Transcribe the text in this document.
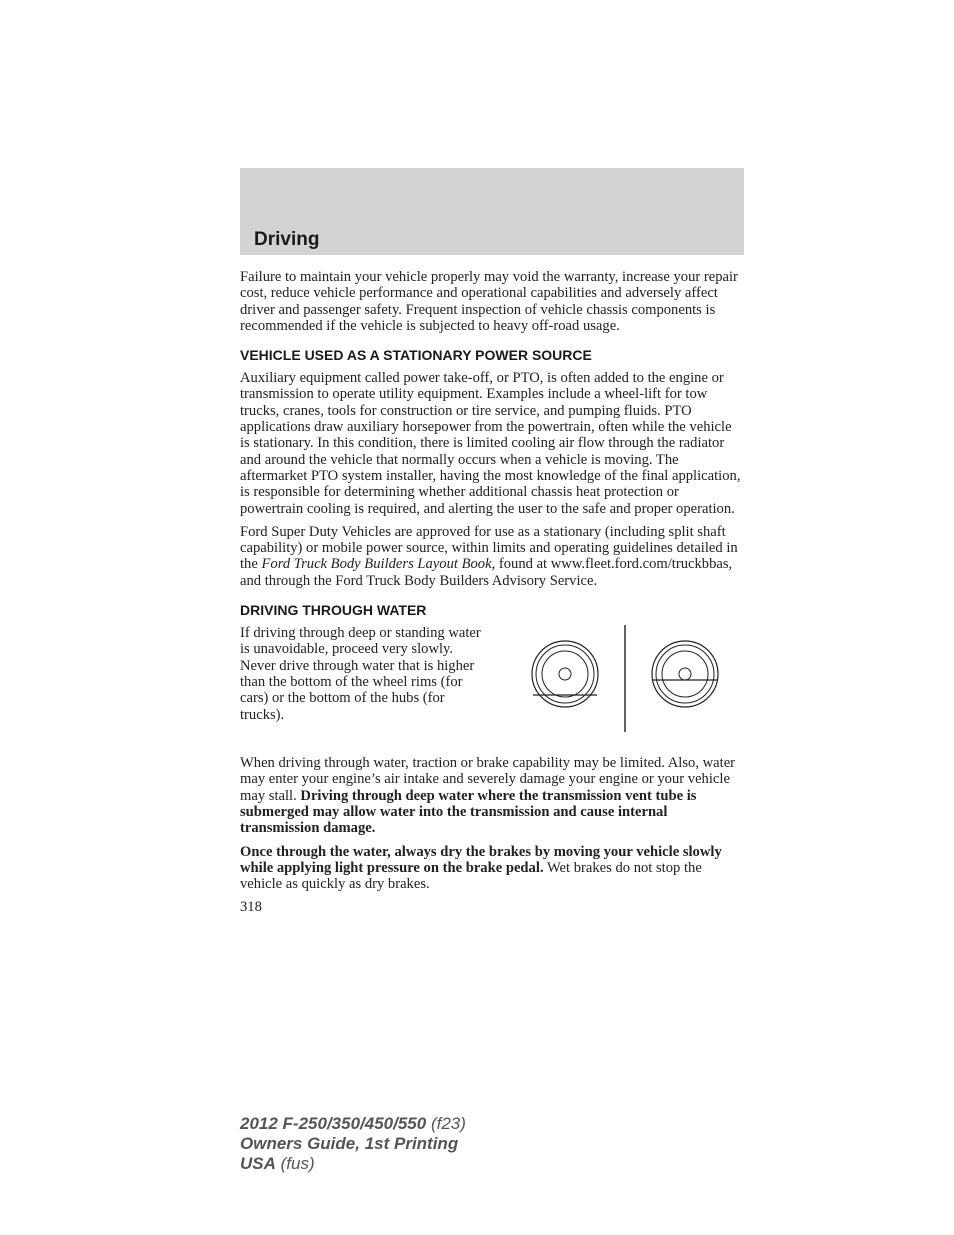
Driving

Failure to maintain your vehicle properly may void the warranty, increase your repair cost, reduce vehicle performance and operational capabilities and adversely affect driver and passenger safety. Frequent inspection of vehicle chassis components is recommended if the vehicle is subjected to heavy off-road usage.

VEHICLE USED AS A STATIONARY POWER SOURCE

Auxiliary equipment called power take-off, or PTO, is often added to the engine or transmission to operate utility equipment. Examples include a wheel-lift for tow trucks, cranes, tools for construction or tire service, and pumping fluids. PTO applications draw auxiliary horsepower from the powertrain, often while the vehicle is stationary. In this condition, there is limited cooling air flow through the radiator and around the vehicle that normally occurs when a vehicle is moving. The aftermarket PTO system installer, having the most knowledge of the final application, is responsible for determining whether additional chassis heat protection or powertrain cooling is required, and alerting the user to the safe and proper operation.

Ford Super Duty Vehicles are approved for use as a stationary (including split shaft capability) or mobile power source, within limits and operating guidelines detailed in the Ford Truck Body Builders Layout Book, found at www.fleet.ford.com/truckbbas, and through the Ford Truck Body Builders Advisory Service.

DRIVING THROUGH WATER
If driving through deep or standing water is unavoidable, proceed very slowly. Never drive through water that is higher than the bottom of the wheel rims (for cars) or the bottom of the hubs (for trucks).

When driving through water, traction or brake capability may be limited. Also, water may enter your engine’s air intake and severely damage your engine or your vehicle may stall. Driving through deep water where the transmission vent tube is submerged may allow water into the transmission and cause internal transmission damage.

Once through the water, always dry the brakes by moving your vehicle slowly while applying light pressure on the brake pedal. Wet brakes do not stop the vehicle as quickly as dry brakes.

318
2012 F-250/350/450/550 (f23)
Owners Guide, 1st Printing
USA (fus)
